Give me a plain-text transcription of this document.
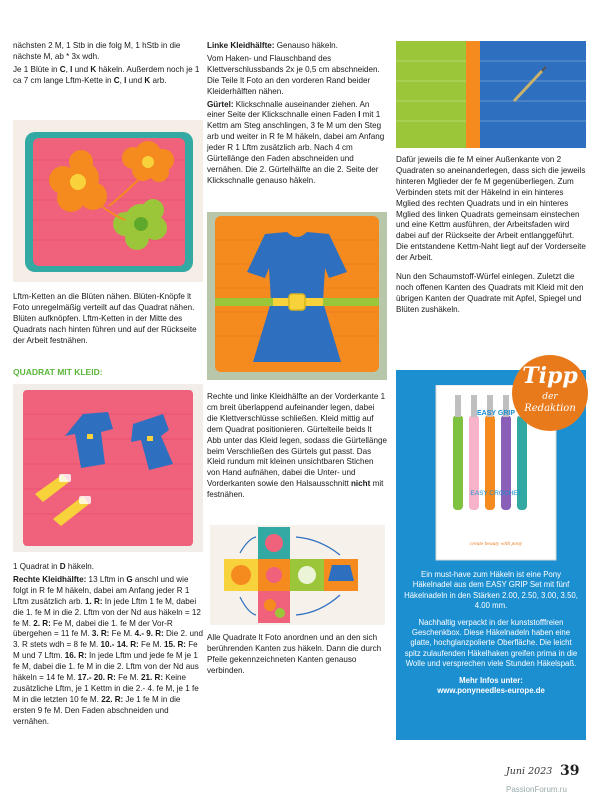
nächsten 2 M, 1 Stb in die folg M, 1 hStb in die nächste M, ab * 3x wdh.

Je 1 Blüte in C, I und K häkeln. Außerdem noch je 1 ca 7 cm lange Lftm-Kette in C, I und K arb.

Lftm-Ketten an die Blüten nähen. Blüten-Knöpfe lt Foto unregelmäßig verteilt auf das Quadrat nähen. Blüten aufknöpfen. Lftm-Ketten in der Mitte des Quadrats nach hinten führen und auf der Rückseite der Arbeit festnähen.

QUADRAT MIT KLEID:

1 Quadrat in D häkeln.

Rechte Kleidhälfte: 13 Lftm in G anschl und wie folgt in R fe M häkeln, dabei am Anfang jeder R 1 Lftm zusätzlich arb. 1. R: In jede Lftm 1 fe M, dabei die 1. fe M in die 2. Lftm von der Nd aus häkeln = 12 fe M. 2. R: Fe M, dabei die 1. fe M der Vor-R übergehen = 11 fe M. 3. R: Fe M. 4.- 9. R: Die 2. und 3. R stets wdh = 8 fe M. 10.- 14. R: Fe M. 15. R: Fe M und 7 Lftm. 16. R: In jede Lftm und jede fe M je 1 fe M, dabei die 1. fe M in die 2. Lftm von der Nd aus häkeln = 14 fe M. 17.- 20. R: Fe M. 21. R: Keine zusätzliche Lftm, je 1 Kettm in die 2.- 4. fe M, je 1 fe M in die letzten 10 fe M. 22. R: Je 1 fe M in die ersten 9 fe M. Den Faden abschneiden und vernähen.

Linke Kleidhälfte: Genauso häkeln.

Vom Haken- und Flauschband des Klettverschlussbands 2x je 0,5 cm abschneiden. Die Teile lt Foto an den vorderen Rand beider Kleiderhälften nähen.

Gürtel: Klickschnalle auseinander ziehen. An einer Seite der Klickschnalle einen Faden I mit 1 Kettm am Steg anschlingen, 3 fe M um den Steg arb und weiter in R fe M häkeln, dabei am Anfang jeder R 1 Lftm zusätzlich arb. Nach 4 cm Gürtellänge den Faden abschneiden und vernähen. Die 2. Gürtelhälfte an die 2. Seite der Klickschnalle genauso häkeln.

Rechte und linke Kleidhälfte an der Vorderkante 1 cm breit überlappend aufeinander legen, dabei die Klettverschlüsse schließen. Kleid mittig auf dem Quadrat positionieren. Gürtelteile beids lt Abb unter das Kleid legen, sodass die Gürtellänge beim Verschließen des Gürtels gut passt. Das Kleid rundum mit kleinen unsichtbaren Stichen von Hand aufnähen, dabei die Unter- und Vorderkanten sowie den Halsausschnitt nicht mit festnähen.

Alle Quadrate lt Foto anordnen und an den sich berührenden Kanten zus häkeln. Dann die durch Pfeile gekennzeichneten Kanten genauso verbinden.

Dafür jeweils die fe M einer Außenkante von 2 Quadraten so aneinanderlegen, dass sich die jeweils hinteren Mglieder der fe M gegenüberliegen. Zum Verbinden stets mit der Häkelnd in ein hinteres Mglied des rechten Quadrats und in ein hinteres Mglied des linken Quadrats gemeinsam einstechen und eine Kettm ausführen, der Arbeitsfaden wird dabei auf der Rückseite der Arbeit entlanggeführt. Die entstandene Kettm-Naht liegt auf der Vorderseite der Arbeit.

Nun den Schaumstoff-Würfel einlegen. Zuletzt die noch offenen Kanten des Quadrats mit Kleid mit den übrigen Kanten der Quadrate mit Apfel, Spiegel und Blüten zushäkeln.

EASY GRIP
EASY CROCHET
create beauty with pony

Ein must-have zum Häkeln ist eine Pony Häkelnadel aus dem EASY GRIP Set mit fünf Häkelnadeln in den Stärken 2.00, 2.50, 3.00, 3.50, 4.00 mm.

Nachhaltig verpackt in der kunststofffreien Geschenkbox. Diese Häkelnadeln haben eine glatte, hochglanzpolierte Oberfläche. Die leicht spitz zulaufenden Häkelhaken greifen prima in die Wolle und versprechen viele Stunden Häkelspaß.

Mehr Infos unter:

www.ponyneedles-europe.de

Tipp
der
Redaktion
Juni 2023 39
PassionForum.ru
